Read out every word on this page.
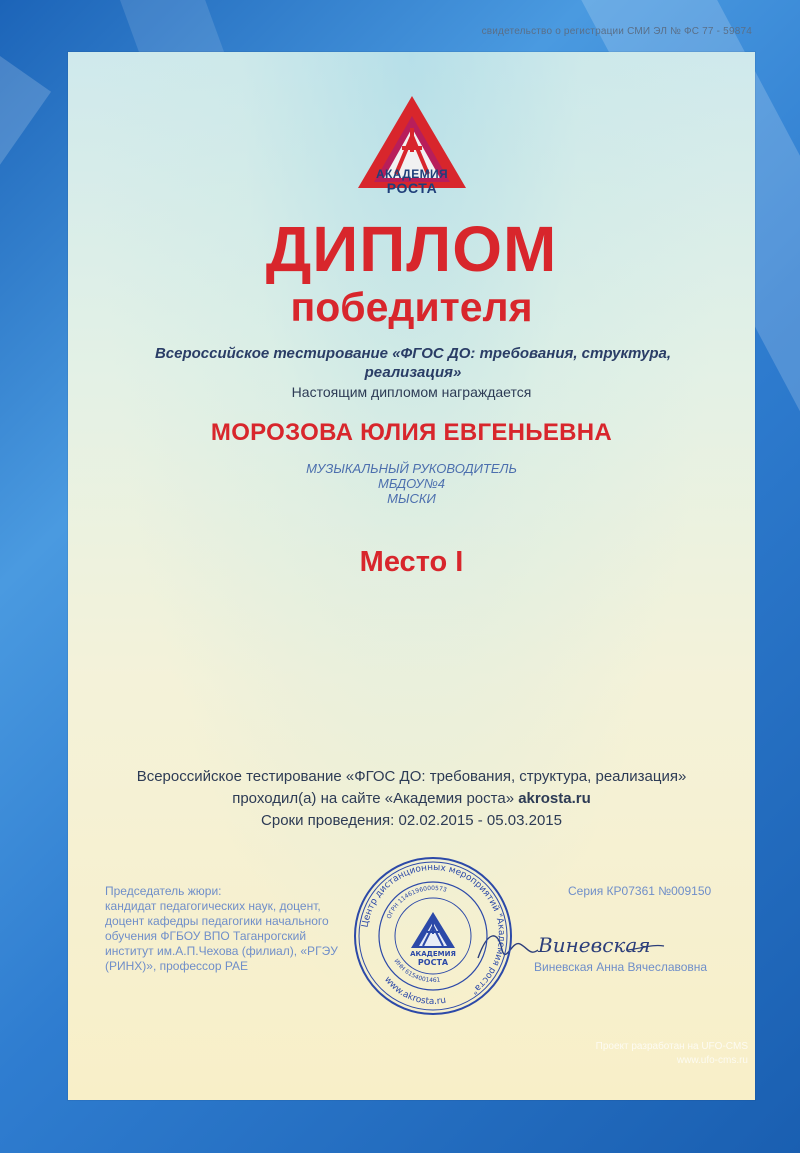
свидетельство о регистрации СМИ ЭЛ № ФС 77 - 59874
АКАДЕМИЯ
РОСТА
ДИПЛОМ
победителя
Всероссийское тестирование «ФГОС ДО: требования, структура, реализация»
Настоящим дипломом награждается
МОРОЗОВА ЮЛИЯ ЕВГЕНЬЕВНА
МУЗЫКАЛЬНЫЙ РУКОВОДИТЕЛЬ
МБДОУ№4
МЫСКИ
Место I
Всероссийское тестирование «ФГОС ДО: требования, структура, реализация»
проходил(а) на сайте «Академия роста» akrosta.ru
Сроки проведения: 02.02.2015 - 05.03.2015
Председатель жюри:
кандидат педагогических наук, доцент, доцент кафедры педагогики начального обучения ФГБОУ ВПО Таганрогский институт им.А.П.Чехова (филиал), «РГЭУ (РИНХ)», профессор РАЕ
Серия КР07361 №009150
Виневская
Виневская Анна Вячеславовна
Центр дистанционных мероприятий "Академия роста"
ОГРН 1146196000573
ИНН 6154001461
www.akrosta.ru
АКАДЕМИЯ
РОСТА
Проект разработан на UFO-CMS
www.ufo-cms.ru
